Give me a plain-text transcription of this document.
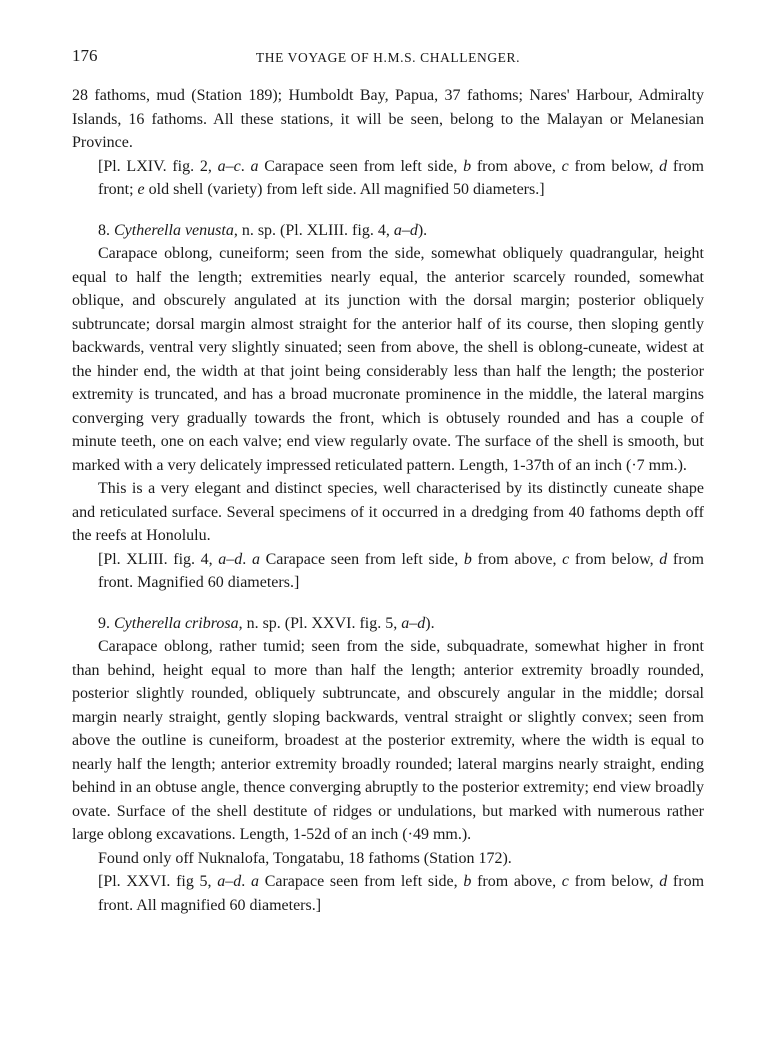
176	THE VOYAGE OF H.M.S. CHALLENGER.

28 fathoms, mud (Station 189); Humboldt Bay, Papua, 37 fathoms; Nares' Harbour, Admiralty Islands, 16 fathoms. All these stations, it will be seen, belong to the Malayan or Melanesian Province.

[Pl. LXIV. fig. 2, a–c. a Carapace seen from left side, b from above, c from below, d from front; e old shell (variety) from left side. All magnified 50 diameters.]

8. Cytherella venusta, n. sp. (Pl. XLIII. fig. 4, a–d).

Carapace oblong, cuneiform; seen from the side, somewhat obliquely quadrangular, height equal to half the length; extremities nearly equal, the anterior scarcely rounded, somewhat oblique, and obscurely angulated at its junction with the dorsal margin; posterior obliquely subtruncate; dorsal margin almost straight for the anterior half of its course, then sloping gently backwards, ventral very slightly sinuated; seen from above, the shell is oblong-cuneate, widest at the hinder end, the width at that joint being considerably less than half the length; the posterior extremity is truncated, and has a broad mucronate prominence in the middle, the lateral margins converging very gradually towards the front, which is obtusely rounded and has a couple of minute teeth, one on each valve; end view regularly ovate. The surface of the shell is smooth, but marked with a very delicately impressed reticulated pattern. Length, 1-37th of an inch (·7 mm.).

This is a very elegant and distinct species, well characterised by its distinctly cuneate shape and reticulated surface. Several specimens of it occurred in a dredging from 40 fathoms depth off the reefs at Honolulu.

[Pl. XLIII. fig. 4, a–d. a Carapace seen from left side, b from above, c from below, d from front. Magnified 60 diameters.]

9. Cytherella cribrosa, n. sp. (Pl. XXVI. fig. 5, a–d).

Carapace oblong, rather tumid; seen from the side, subquadrate, somewhat higher in front than behind, height equal to more than half the length; anterior extremity broadly rounded, posterior slightly rounded, obliquely subtruncate, and obscurely angular in the middle; dorsal margin nearly straight, gently sloping backwards, ventral straight or slightly convex; seen from above the outline is cuneiform, broadest at the posterior extremity, where the width is equal to nearly half the length; anterior extremity broadly rounded; lateral margins nearly straight, ending behind in an obtuse angle, thence converging abruptly to the posterior extremity; end view broadly ovate. Surface of the shell destitute of ridges or undulations, but marked with numerous rather large oblong excavations. Length, 1-52d of an inch (·49 mm.).

Found only off Nuknalofa, Tongatabu, 18 fathoms (Station 172).

[Pl. XXVI. fig 5, a–d. a Carapace seen from left side, b from above, c from below, d from front. All magnified 60 diameters.]
